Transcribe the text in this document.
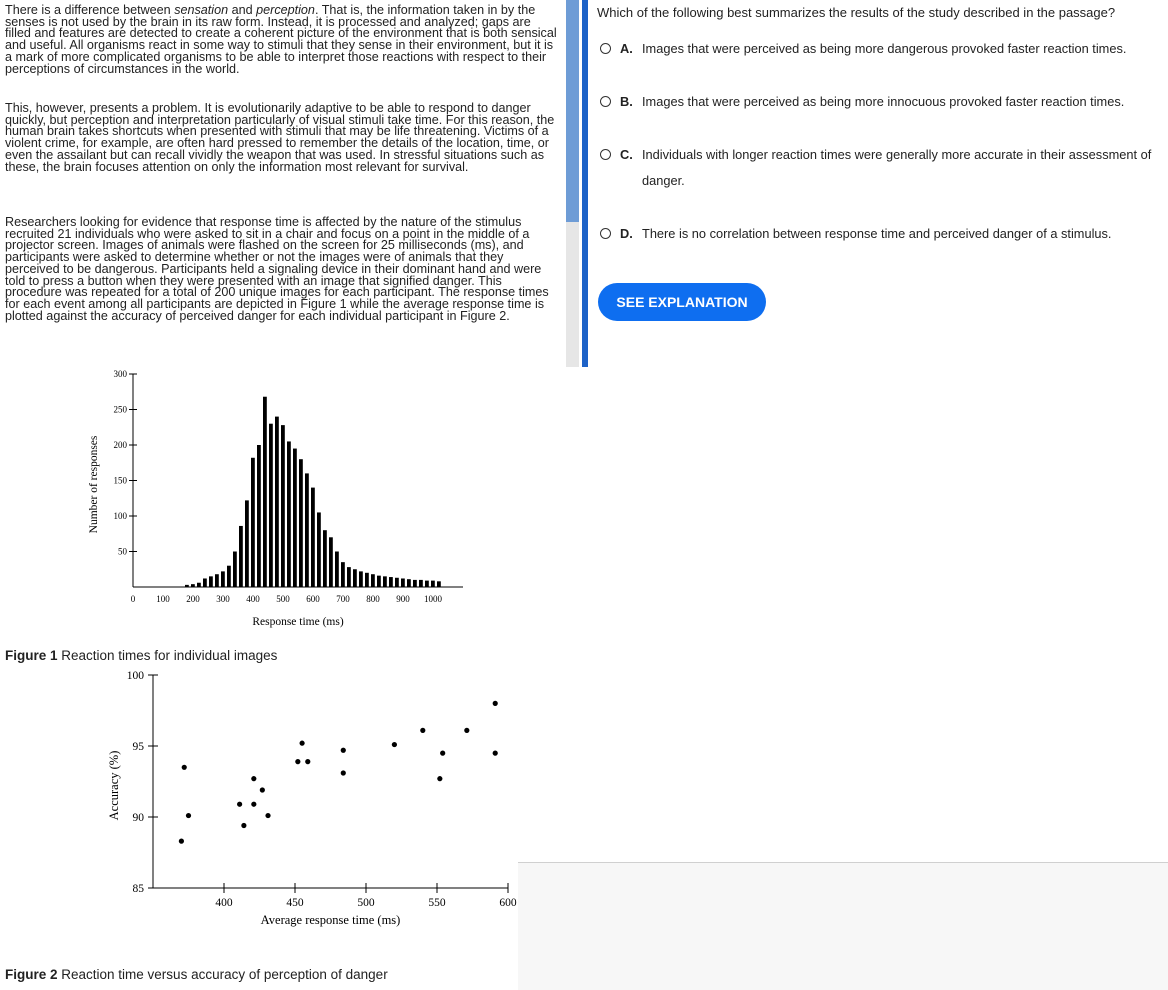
There is a difference between sensation and perception. That is, the information taken in by the senses is not used by the brain in its raw form. Instead, it is processed and analyzed; gaps are filled and features are detected to create a coherent picture of the environment that is both sensical and useful. All organisms react in some way to stimuli that they sense in their environment, but it is a mark of more complicated organisms to be able to interpret those reactions with respect to their perceptions of circumstances in the world.

This, however, presents a problem. It is evolutionarily adaptive to be able to respond to danger quickly, but perception and interpretation particularly of visual stimuli take time. For this reason, the human brain takes shortcuts when presented with stimuli that may be life threatening. Victims of a violent crime, for example, are often hard pressed to remember the details of the location, time, or even the assailant but can recall vividly the weapon that was used. In stressful situations such as these, the brain focuses attention on only the information most relevant for survival.

Researchers looking for evidence that response time is affected by the nature of the stimulus recruited 21 individuals who were asked to sit in a chair and focus on a point in the middle of a projector screen. Images of animals were flashed on the screen for 25 milliseconds (ms), and participants were asked to determine whether or not the images were of animals that they perceived to be dangerous. Participants held a signaling device in their dominant hand and were told to press a button when they were presented with an image that signified danger. This procedure was repeated for a total of 200 unique images for each participant. The response times for each event among all participants are depicted in Figure 1 while the average response time is plotted against the accuracy of perceived danger for each individual participant in Figure 2.

50
100
150
200
250
300
0 100 200 300 400 500 600 700 800 900 1000
Response time (ms)
Number of responses
Figure 1 Reaction times for individual images
85
90
95
100
400	450	500	550	600
Average response time (ms)
Accuracy (%)
Figure 2 Reaction time versus accuracy of perception of danger
Which of the following best summarizes the results of the study described in the passage?
A. Images that were perceived as being more dangerous provoked faster reaction times.
B. Images that were perceived as being more innocuous provoked faster reaction times.
C. Individuals with longer reaction times were generally more accurate in their assessment of danger.
D. There is no correlation between response time and perceived danger of a stimulus.
SEE EXPLANATION
